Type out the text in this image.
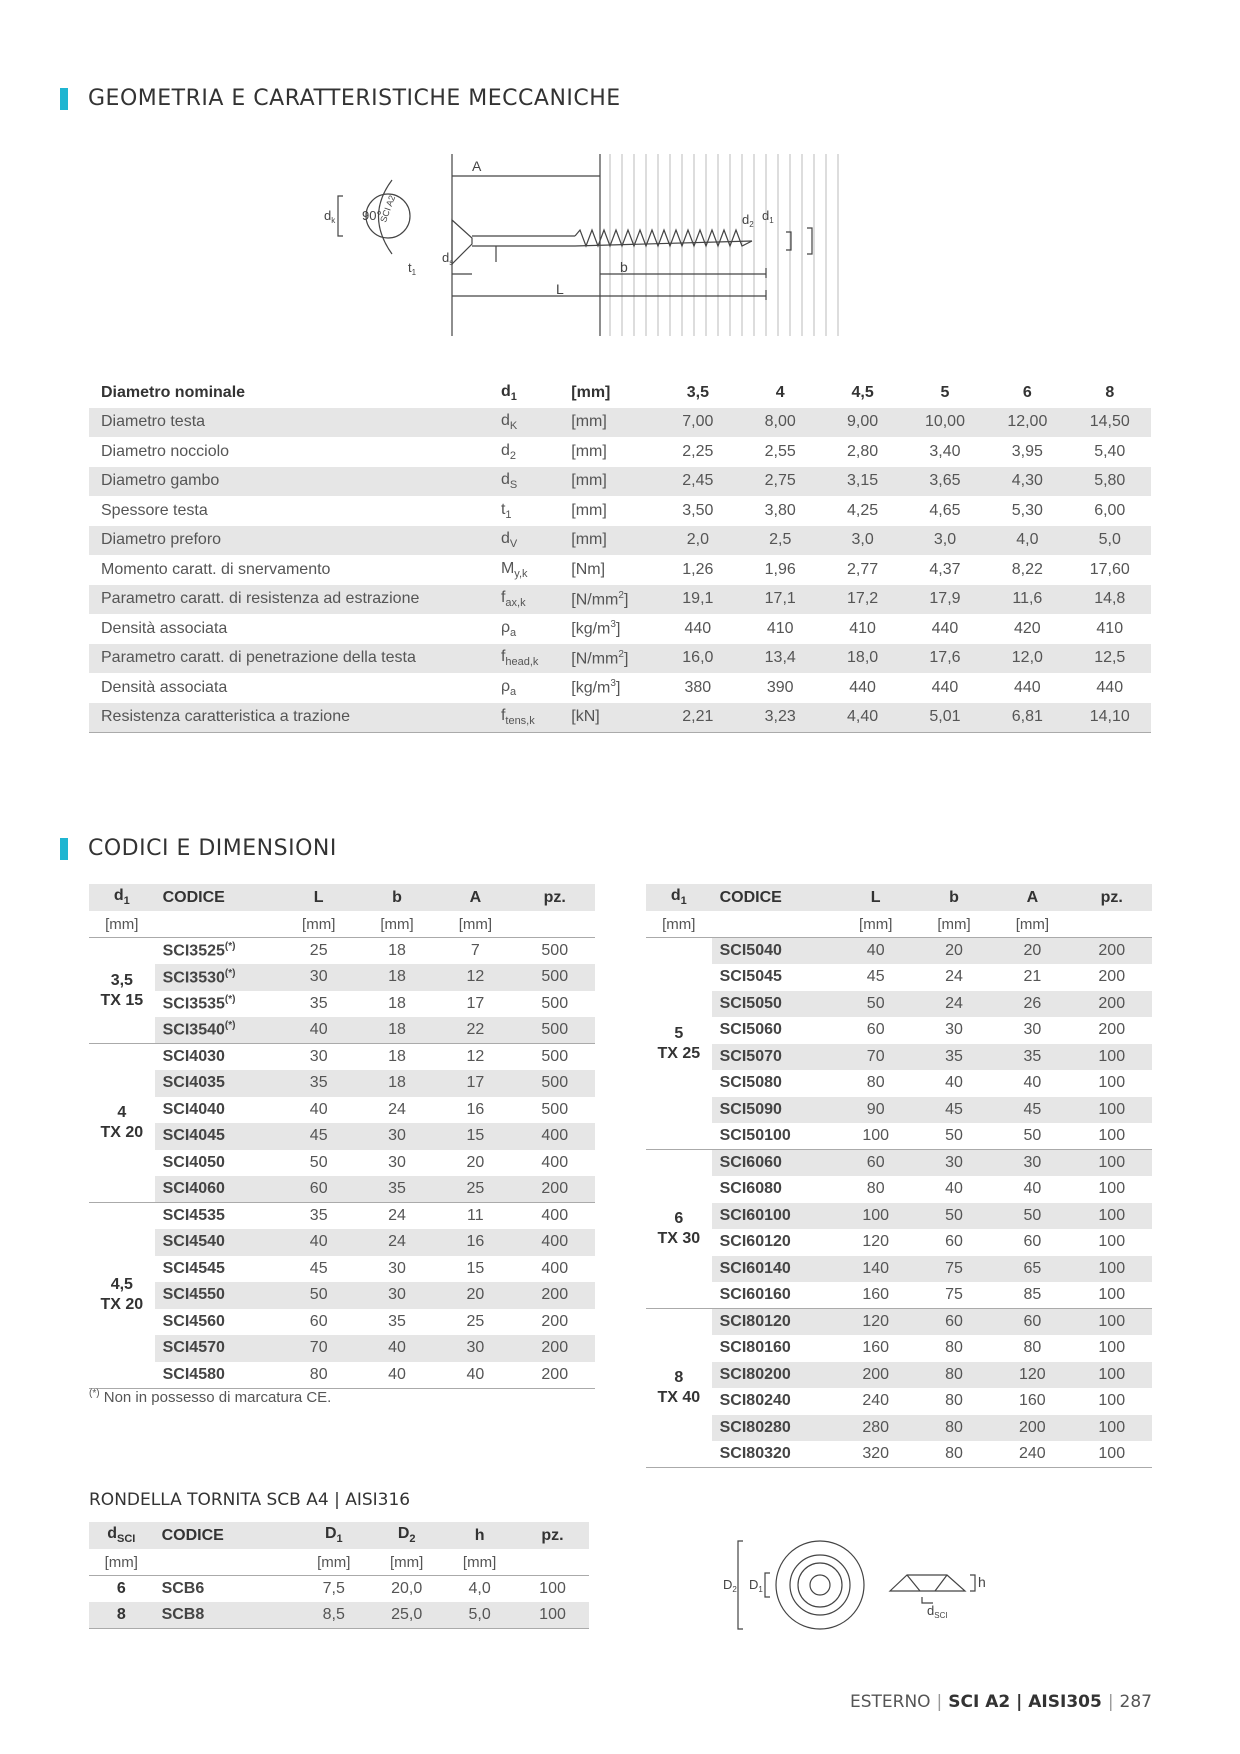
GEOMETRIA E CARATTERISTICHE MECCANICHE
A
90°
$d_k$	$d_2$
$d_1$
$d_s$
$t_1$	b
L
SCI A2
Diametro nominale	$d_1$	[mm]	3,5	4	4,5	5	6	8
Diametro testa	$d_K$	[mm]	7,00	8,00	9,00	10,00	12,00	14,50
Diametro nocciolo	$d_2$	[mm]	2,25	2,55	2,80	3,40	3,95	5,40
Diametro gambo	$d_S$	[mm]	2,45	2,75	3,15	3,65	4,30	5,80
Spessore testa	$t_1$	[mm]	3,50	3,80	4,25	4,65	5,30	6,00
Diametro preforo	$d_V$	[mm]	2,0	2,5	3,0	3,0	4,0	5,0
Momento caratt. di snervamento	$M_{y,k}$	[Nm]	1,26	1,96	2,77	4,37	8,22	17,60
Parametro caratt. di resistenza ad estrazione	$f_{ax,k}$	$[N/mm^2]$	19,1	17,1	17,2	17,9	11,6	14,8
Densità associata	$\rho_a$	$[kg/m^3]$	440	410	410	440	420	410
Parametro caratt. di penetrazione della testa	$f_{head,k}$	$[N/mm^2]$	16,0	13,4	18,0	17,6	12,0	12,5
Densità associata	$\rho_a$	$[kg/m^3]$	380	390	440	440	440	440
Resistenza caratteristica a trazione	$f_{tens,k}$	[kN]	2,21	3,23	4,40	5,01	6,81	14,10
CODICI E DIMENSIONI
$d_1$	CODICE	L	b	A	pz.
[mm]		[mm]	[mm]	[mm]	
3,5
TX 15	SCI3525(*)	25	18	7	500
	SCI3530(*)	30	18	12	500
	SCI3535(*)	35	18	17	500
	SCI3540(*)	40	18	22	500
4
TX 20	SCI4030	30	18	12	500
	SCI4035	35	18	17	500
	SCI4040	40	24	16	500
	SCI4045	45	30	15	400
	SCI4050	50	30	20	400
	SCI4060	60	35	25	200
4,5
TX 20	SCI4535	35	24	11	400
	SCI4540	40	24	16	400
	SCI4545	45	30	15	400
	SCI4550	50	30	20	200
	SCI4560	60	35	25	200
	SCI4570	70	40	30	200
	SCI4580	80	40	40	200
$d_1$	CODICE	L	b	A	pz.
[mm]		[mm]	[mm]	[mm]	
5
TX 25	SCI5040	40	20	20	200
	SCI5045	45	24	21	200
	SCI5050	50	24	26	200
	SCI5060	60	30	30	200
	SCI5070	70	35	35	100
	SCI5080	80	40	40	100
	SCI5090	90	45	45	100
	SCI50100	100	50	50	100
6
TX 30	SCI6060	60	30	30	100
	SCI6080	80	40	40	100
	SCI60100	100	50	50	100
	SCI60120	120	60	60	100
	SCI60140	140	75	65	100
	SCI60160	160	75	85	100
8
TX 40	SCI80120	120	60	60	100
	SCI80160	160	80	80	100
	SCI80200	200	80	120	100
	SCI80240	240	80	160	100
	SCI80280	280	80	200	100
	SCI80320	320	80	240	100
(*) Non in possesso di marcatura CE.
RONDELLA TORNITA SCB A4 | AISI316
$d_{SCI}$	CODICE	$D_1$	$D_2$	h	pz.
[mm]		[mm]	[mm]	[mm]	
6	SCB6	7,5	20,0	4,0	100
8	SCB8	8,5	25,0	5,0	100
$D_2$ $D_1$	h
$d_{SCI}$
ESTERNO | SCI A2 | AISI305 | 287
